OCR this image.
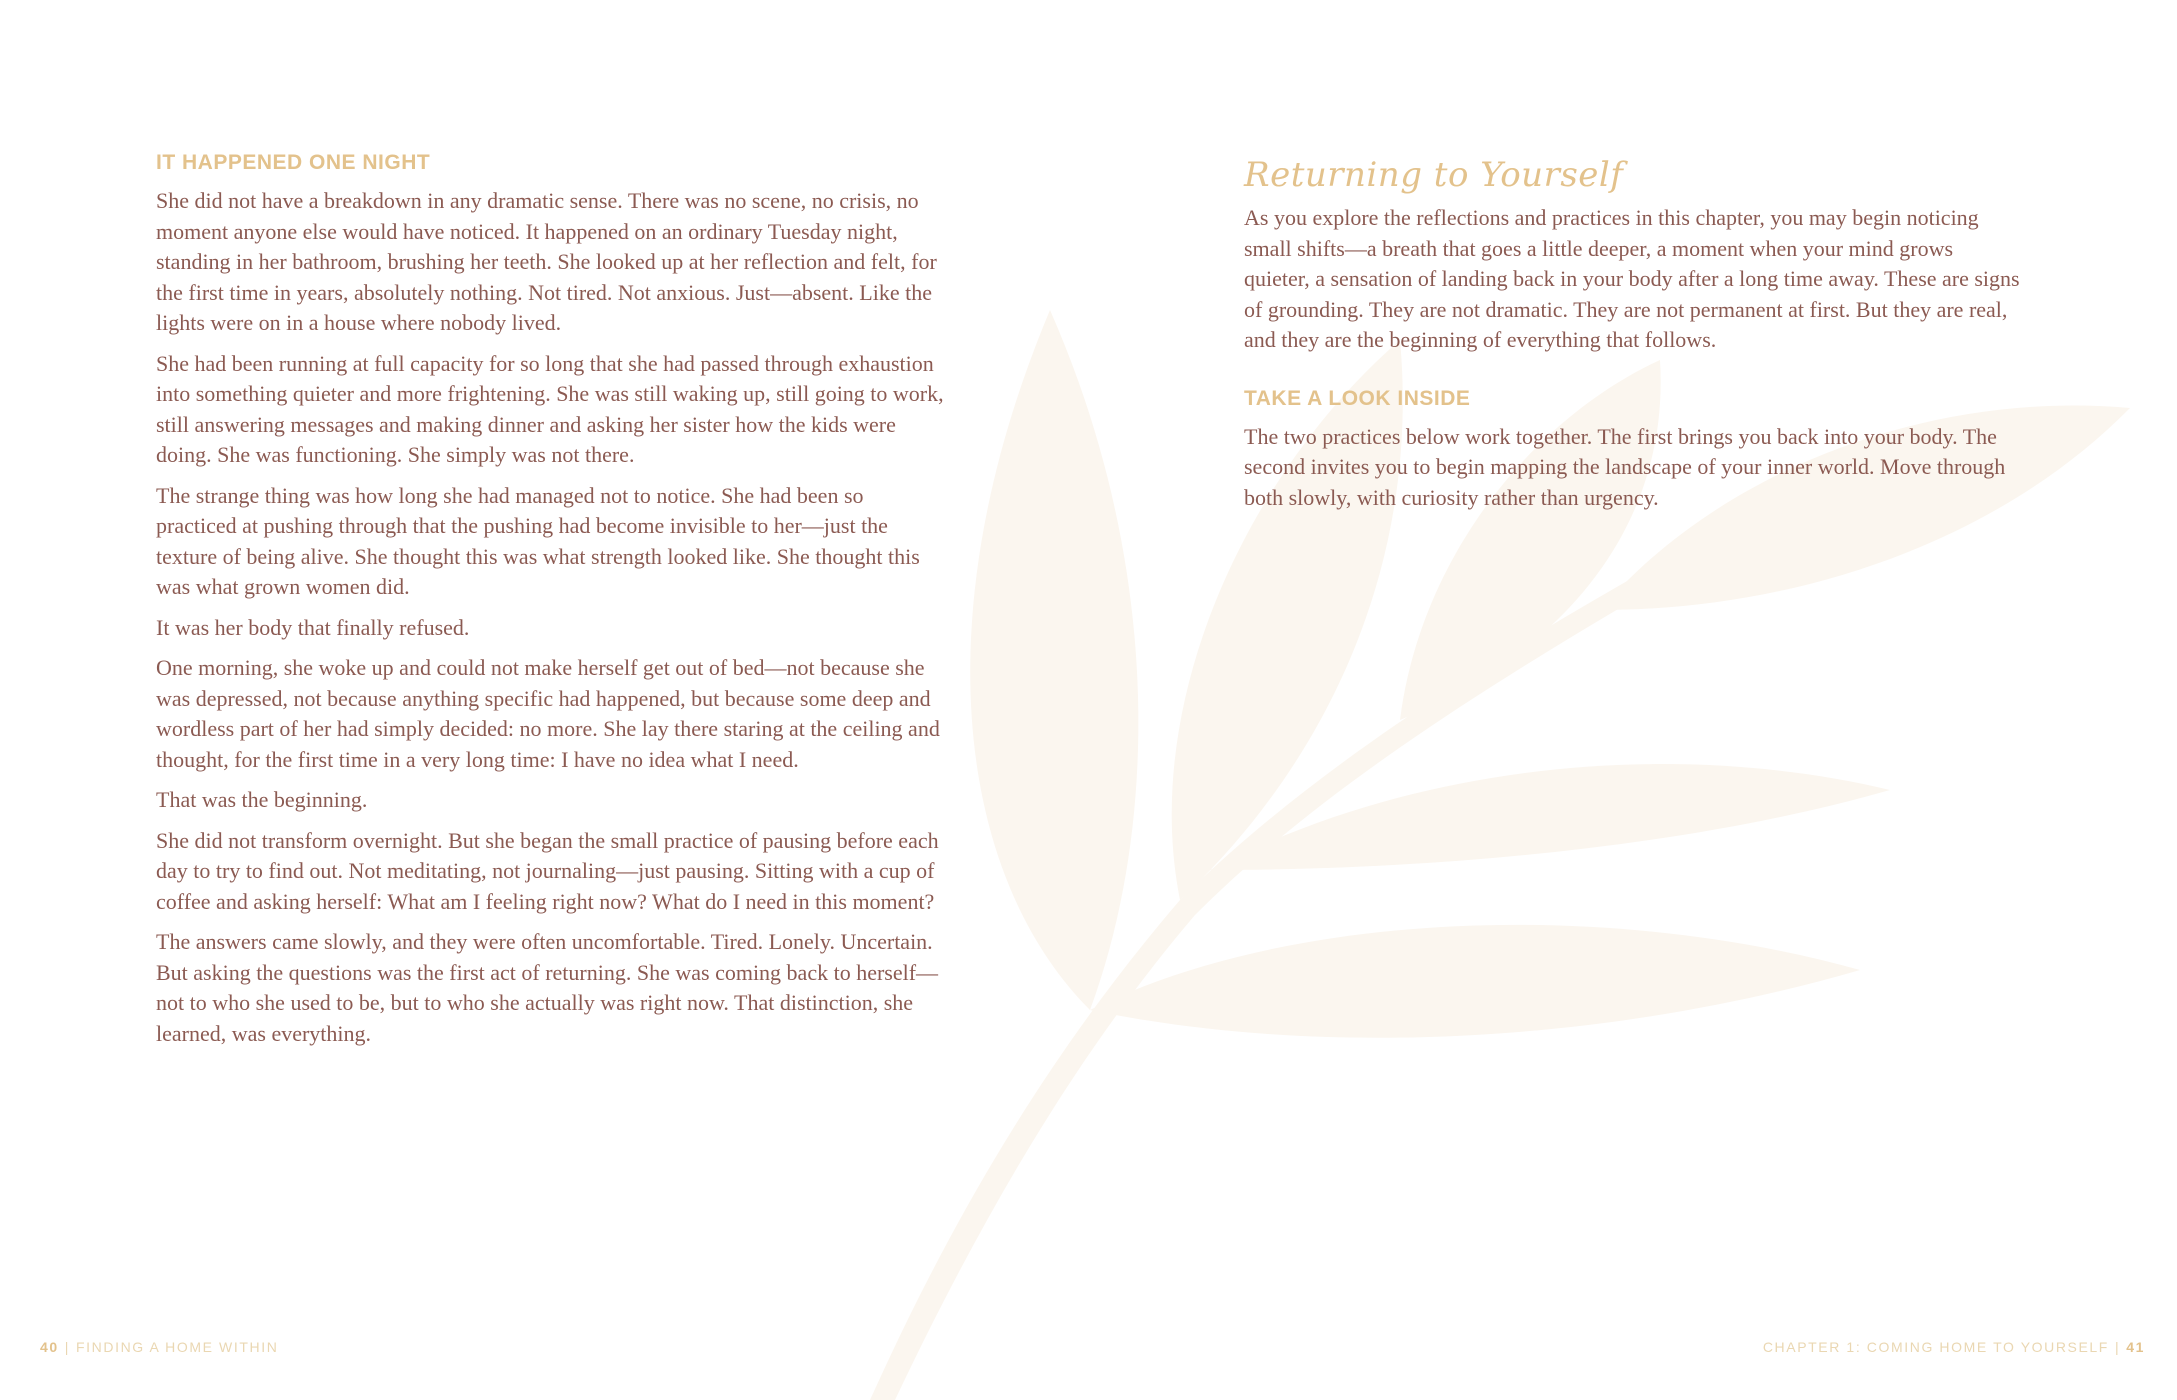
IT HAPPENED ONE NIGHT

She did not have a breakdown in any dramatic sense. There was no scene, no crisis, no moment anyone else would have noticed. It happened on an ordinary Tuesday night, standing in her bathroom, brushing her teeth. She looked up at her reflection and felt, for the first time in years, absolutely nothing. Not tired. Not anxious. Just—absent. Like the lights were on in a house where nobody lived.

She had been running at full capacity for so long that she had passed through exhaustion into something quieter and more frightening. She was still waking up, still going to work, still answering messages and making dinner and asking her sister how the kids were doing. She was functioning. She simply was not there.

The strange thing was how long she had managed not to notice. She had been so practiced at pushing through that the pushing had become invisible to her—just the texture of being alive. She thought this was what strength looked like. She thought this was what grown women did.

It was her body that finally refused.

One morning, she woke up and could not make herself get out of bed—not because she was depressed, not because anything specific had happened, but because some deep and wordless part of her had simply decided: no more. She lay there staring at the ceiling and thought, for the first time in a very long time: I have no idea what I need.

That was the beginning.

She did not transform overnight. But she began the small practice of pausing before each day to try to find out. Not meditating, not journaling—just pausing. Sitting with a cup of coffee and asking herself: What am I feeling right now? What do I need in this moment?

The answers came slowly, and they were often uncomfortable. Tired. Lonely. Uncertain. But asking the questions was the first act of returning. She was coming back to herself—not to who she used to be, but to who she actually was right now. That distinction, she learned, was everything.

Returning to Yourself

As you explore the reflections and practices in this chapter, you may begin noticing small shifts—a breath that goes a little deeper, a moment when your mind grows quieter, a sensation of landing back in your body after a long time away. These are signs of grounding. They are not dramatic. They are not permanent at first. But they are real, and they are the beginning of everything that follows.

TAKE A LOOK INSIDE

The two practices below work together. The first brings you back into your body. The second invites you to begin mapping the landscape of your inner world. Move through both slowly, with curiosity rather than urgency.

40 | FINDING A HOME WITHIN	CHAPTER 1: COMING HOME TO YOURSELF | 41
